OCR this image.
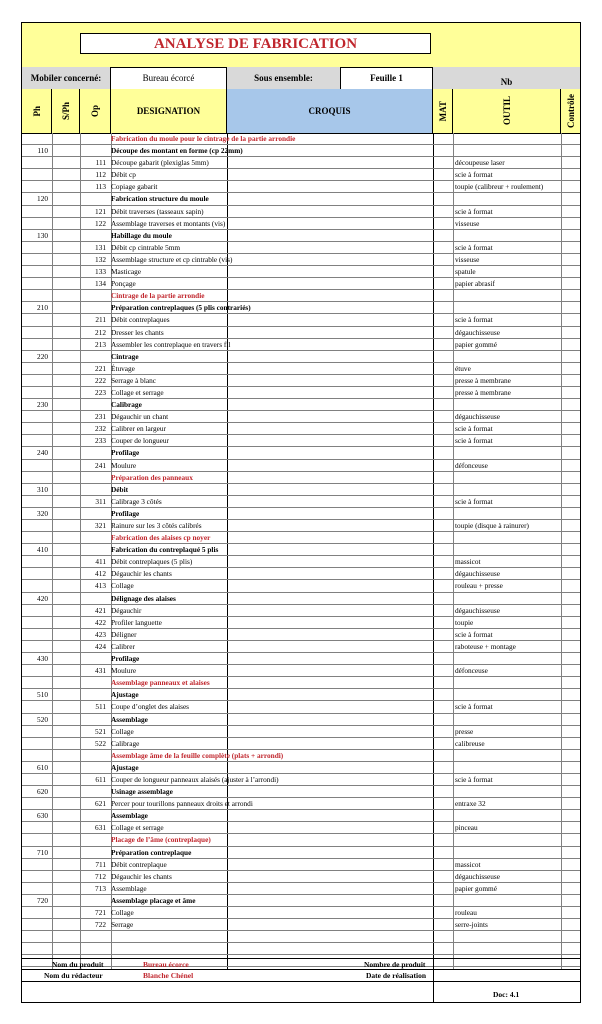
ANALYSE DE FABRICATION
Mobiler concerné:	Bureau écorcé	Sous ensemble:	Feuille 1	Nb
Ph S/Ph Op	DESIGNATION	CROQUIS	MAT	OUTIL	Contrôle
Fabrication du moule pour le cintrage de la partie arrondie
110	Découpe des montant en forme (cp 22mm)
111 Découpe gabarit (plexiglas 5mm)	découpeuse laser
112 Débit cp	scie à format
113 Copiage gabarit	toupie (calibreur + roulement)
120	Fabrication structure du moule
121 Débit traverses (tasseaux sapin)	scie à format
122 Assemblage traverses et montants (vis)	visseuse
130	Habillage du moule
131 Débit cp cintrable 5mm	scie à format
132 Assemblage structure et cp cintrable (vis)	visseuse
133 Masticage	spatule
134 Ponçage	papier abrasif
Cintrage de la partie arrondie
210	Préparation contreplaques (5 plis contrariés)
211 Débit contreplaques	scie à format
212 Dresser les chants	dégauchisseuse
213 Assembler les contreplaque en travers fil	papier gommé
220	Cintrage
221 Étuvage	étuve
222 Serrage à blanc	presse à membrane
223 Collage et serrage	presse à membrane
230	Calibrage
231 Dégauchir un chant	dégauchisseuse
232 Calibrer en largeur	scie à format
233 Couper de longueur	scie à format
240	Profilage
241 Moulure	défonceuse
Préparation des panneaux
310	Débit
311 Calibrage 3 côtés	scie à format
320	Profilage
321 Rainure sur les 3 côtés calibrés	toupie (disque à rainurer)
Fabrication des alaises cp noyer
410	Fabrication du contreplaqué 5 plis
411 Débit contreplaques (5 plis)	massicot
412 Dégauchir les chants	dégauchisseuse
413 Collage	rouleau + presse
420	Délignage des alaises
421 Dégauchir	dégauchisseuse
422 Profiler languette	toupie
423 Déligner	scie à format
424 Calibrer	raboteuse + montage
430	Profilage
431 Moulure	défonceuse
Assemblage panneaux et alaises
510	Ajustage
511 Coupe d’onglet des alaises	scie à format
520	Assemblage
521 Collage	presse
522 Calibrage	calibreuse
Assemblage âme de la feuille complète (plats + arrondi)
610	Ajustage
611 Couper de longueur panneaux alaisés (ajuster à l’arrondi)	scie à format
620	Usinage assemblage
621 Percer pour tourillons panneaux droits et arrondi	entraxe 32
630	Assemblage
631 Collage et serrage	pinceau
Placage de l’âme (contreplaque)
710	Préparation contreplaque
711 Débit contreplaque	massicot
712 Dégauchir les chants	dégauchisseuse
713 Assemblage	papier gommé
720	Assemblage placage et âme
721 Collage	rouleau
722 Serrage	serre-joints
Nom du produit	Bureau écorce	Nombre de produit
Nom du rédacteur	Blanche Chénel	Date de réalisation
Doc: 4.1
